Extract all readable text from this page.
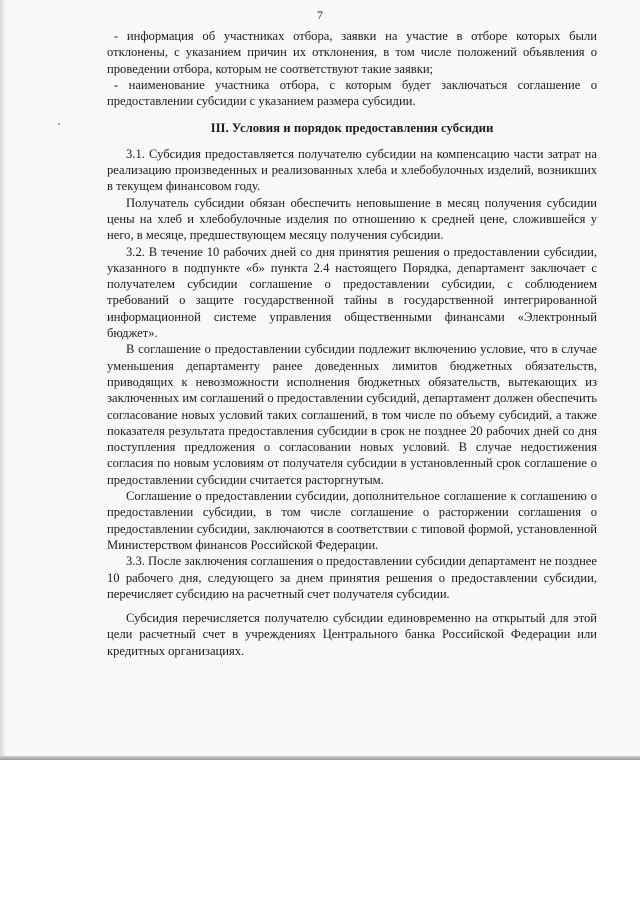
7

- информация об участниках отбора, заявки на участие в отборе которых были отклонены, с указанием причин их отклонения, в том числе положений объявления о проведении отбора, которым не соответствуют такие заявки;

- наименование участника отбора, с которым будет заключаться соглашение о предоставлении субсидии с указанием размера субсидии.

III. Условия и порядок предоставления субсидии

3.1. Субсидия предоставляется получателю субсидии на компенсацию части затрат на реализацию произведенных и реализованных хлеба и хлебобулочных изделий, возникших в текущем финансовом году.

Получатель субсидии обязан обеспечить неповышение в месяц получения субсидии цены на хлеб и хлебобулочные изделия по отношению к средней цене, сложившейся у него, в месяце, предшествующем месяцу получения субсидии.

3.2. В течение 10 рабочих дней со дня принятия решения о предоставлении субсидии, указанного в подпункте «б» пункта 2.4 настоящего Порядка, департамент заключает с получателем субсидии соглашение о предоставлении субсидии, с соблюдением требований о защите государственной тайны в государственной интегрированной информационной системе управления общественными финансами «Электронный бюджет».

В соглашение о предоставлении субсидии подлежит включению условие, что в случае уменьшения департаменту ранее доведенных лимитов бюджетных обязательств, приводящих к невозможности исполнения бюджетных обязательств, вытекающих из заключенных им соглашений о предоставлении субсидий, департамент должен обеспечить согласование новых условий таких соглашений, в том числе по объему субсидий, а также показателя результата предоставления субсидии в срок не позднее 20 рабочих дней со дня поступления предложения о согласовании новых условий. В случае недостижения согласия по новым условиям от получателя субсидии в установленный срок соглашение о предоставлении субсидии считается расторгнутым.

Соглашение о предоставлении субсидии, дополнительное соглашение к соглашению о предоставлении субсидии, в том числе соглашение о расторжении соглашения о предоставлении субсидии, заключаются в соответствии с типовой формой, установленной Министерством финансов Российской Федерации.

3.3. После заключения соглашения о предоставлении субсидии департамент не позднее 10 рабочего дня, следующего за днем принятия решения о предоставлении субсидии, перечисляет субсидию на расчетный счет получателя субсидии.

Субсидия перечисляется получателю субсидии единовременно на открытый для этой цели расчетный счет в учреждениях Центрального банка Российской Федерации или кредитных организациях.
